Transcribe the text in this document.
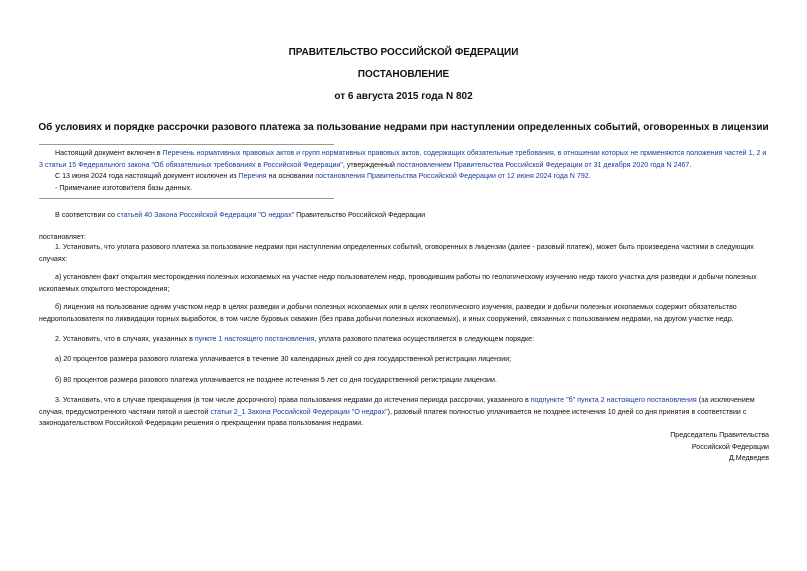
ПРАВИТЕЛЬСТВО РОССИЙСКОЙ ФЕДЕРАЦИИ
ПОСТАНОВЛЕНИЕ
от 6 августа 2015 года N 802
Об условиях и порядке рассрочки разового платежа за пользование недрами при наступлении определенных событий, оговоренных в лицензии

Настоящий документ включен в Перечень нормативных правовых актов и групп нормативных правовых актов, содержащих обязательные требования, в отношении которых не применяются положения частей 1, 2 и 3 статьи 15 Федерального закона "Об обязательных требованиях в Российской Федерации", утвержденный постановлением Правительства Российской Федерации от 31 декабря 2020 года N 2467.

С 13 июня 2024 года настоящий документ исключен из Перечня на основании постановления Правительства Российской Федерации от 12 июня 2024 года N 792.

- Примечание изготовителя базы данных.

В соответствии со статьей 40 Закона Российской Федерации "О недрах" Правительство Российской Федерации

постановляет:

1. Установить, что уплата разового платежа за пользование недрами при наступлении определенных событий, оговоренных в лицензии (далее - разовый платеж), может быть произведена частями в следующих случаях:

а) установлен факт открытия месторождения полезных ископаемых на участке недр пользователем недр, проводившим работы по геологическому изучению недр такого участка для разведки и добычи полезных ископаемых открытого месторождения;

б) лицензия на пользование одним участком недр в целях разведки и добычи полезных ископаемых или в целях геологического изучения, разведки и добычи полезных ископаемых содержит обязательство недропользователя по ликвидации горных выработок, в том числе буровых скважин (без права добычи полезных ископаемых), и иных сооружений, связанных с пользованием недрами, на другом участке недр.

2. Установить, что в случаях, указанных в пункте 1 настоящего постановления, уплата разового платежа осуществляется в следующем порядке:

а) 20 процентов размера разового платежа уплачивается в течение 30 календарных дней со дня государственной регистрации лицензии;

б) 80 процентов размера разового платежа уплачивается не позднее истечения 5 лет со дня государственной регистрации лицензии.

3. Установить, что в случае прекращения (в том числе досрочного) права пользования недрами до истечения периода рассрочки, указанного в подпункте "б" пункта 2 настоящего постановления (за исключением случая, предусмотренного частями пятой и шестой статьи 2_1 Закона Российской Федерации "О недрах"), разовый платеж полностью уплачивается не позднее истечения 10 дней со дня принятия в соответствии с законодательством Российской Федерации решения о прекращении права пользования недрами.

Председатель Правительства
Российской Федерации
Д.Медведев
